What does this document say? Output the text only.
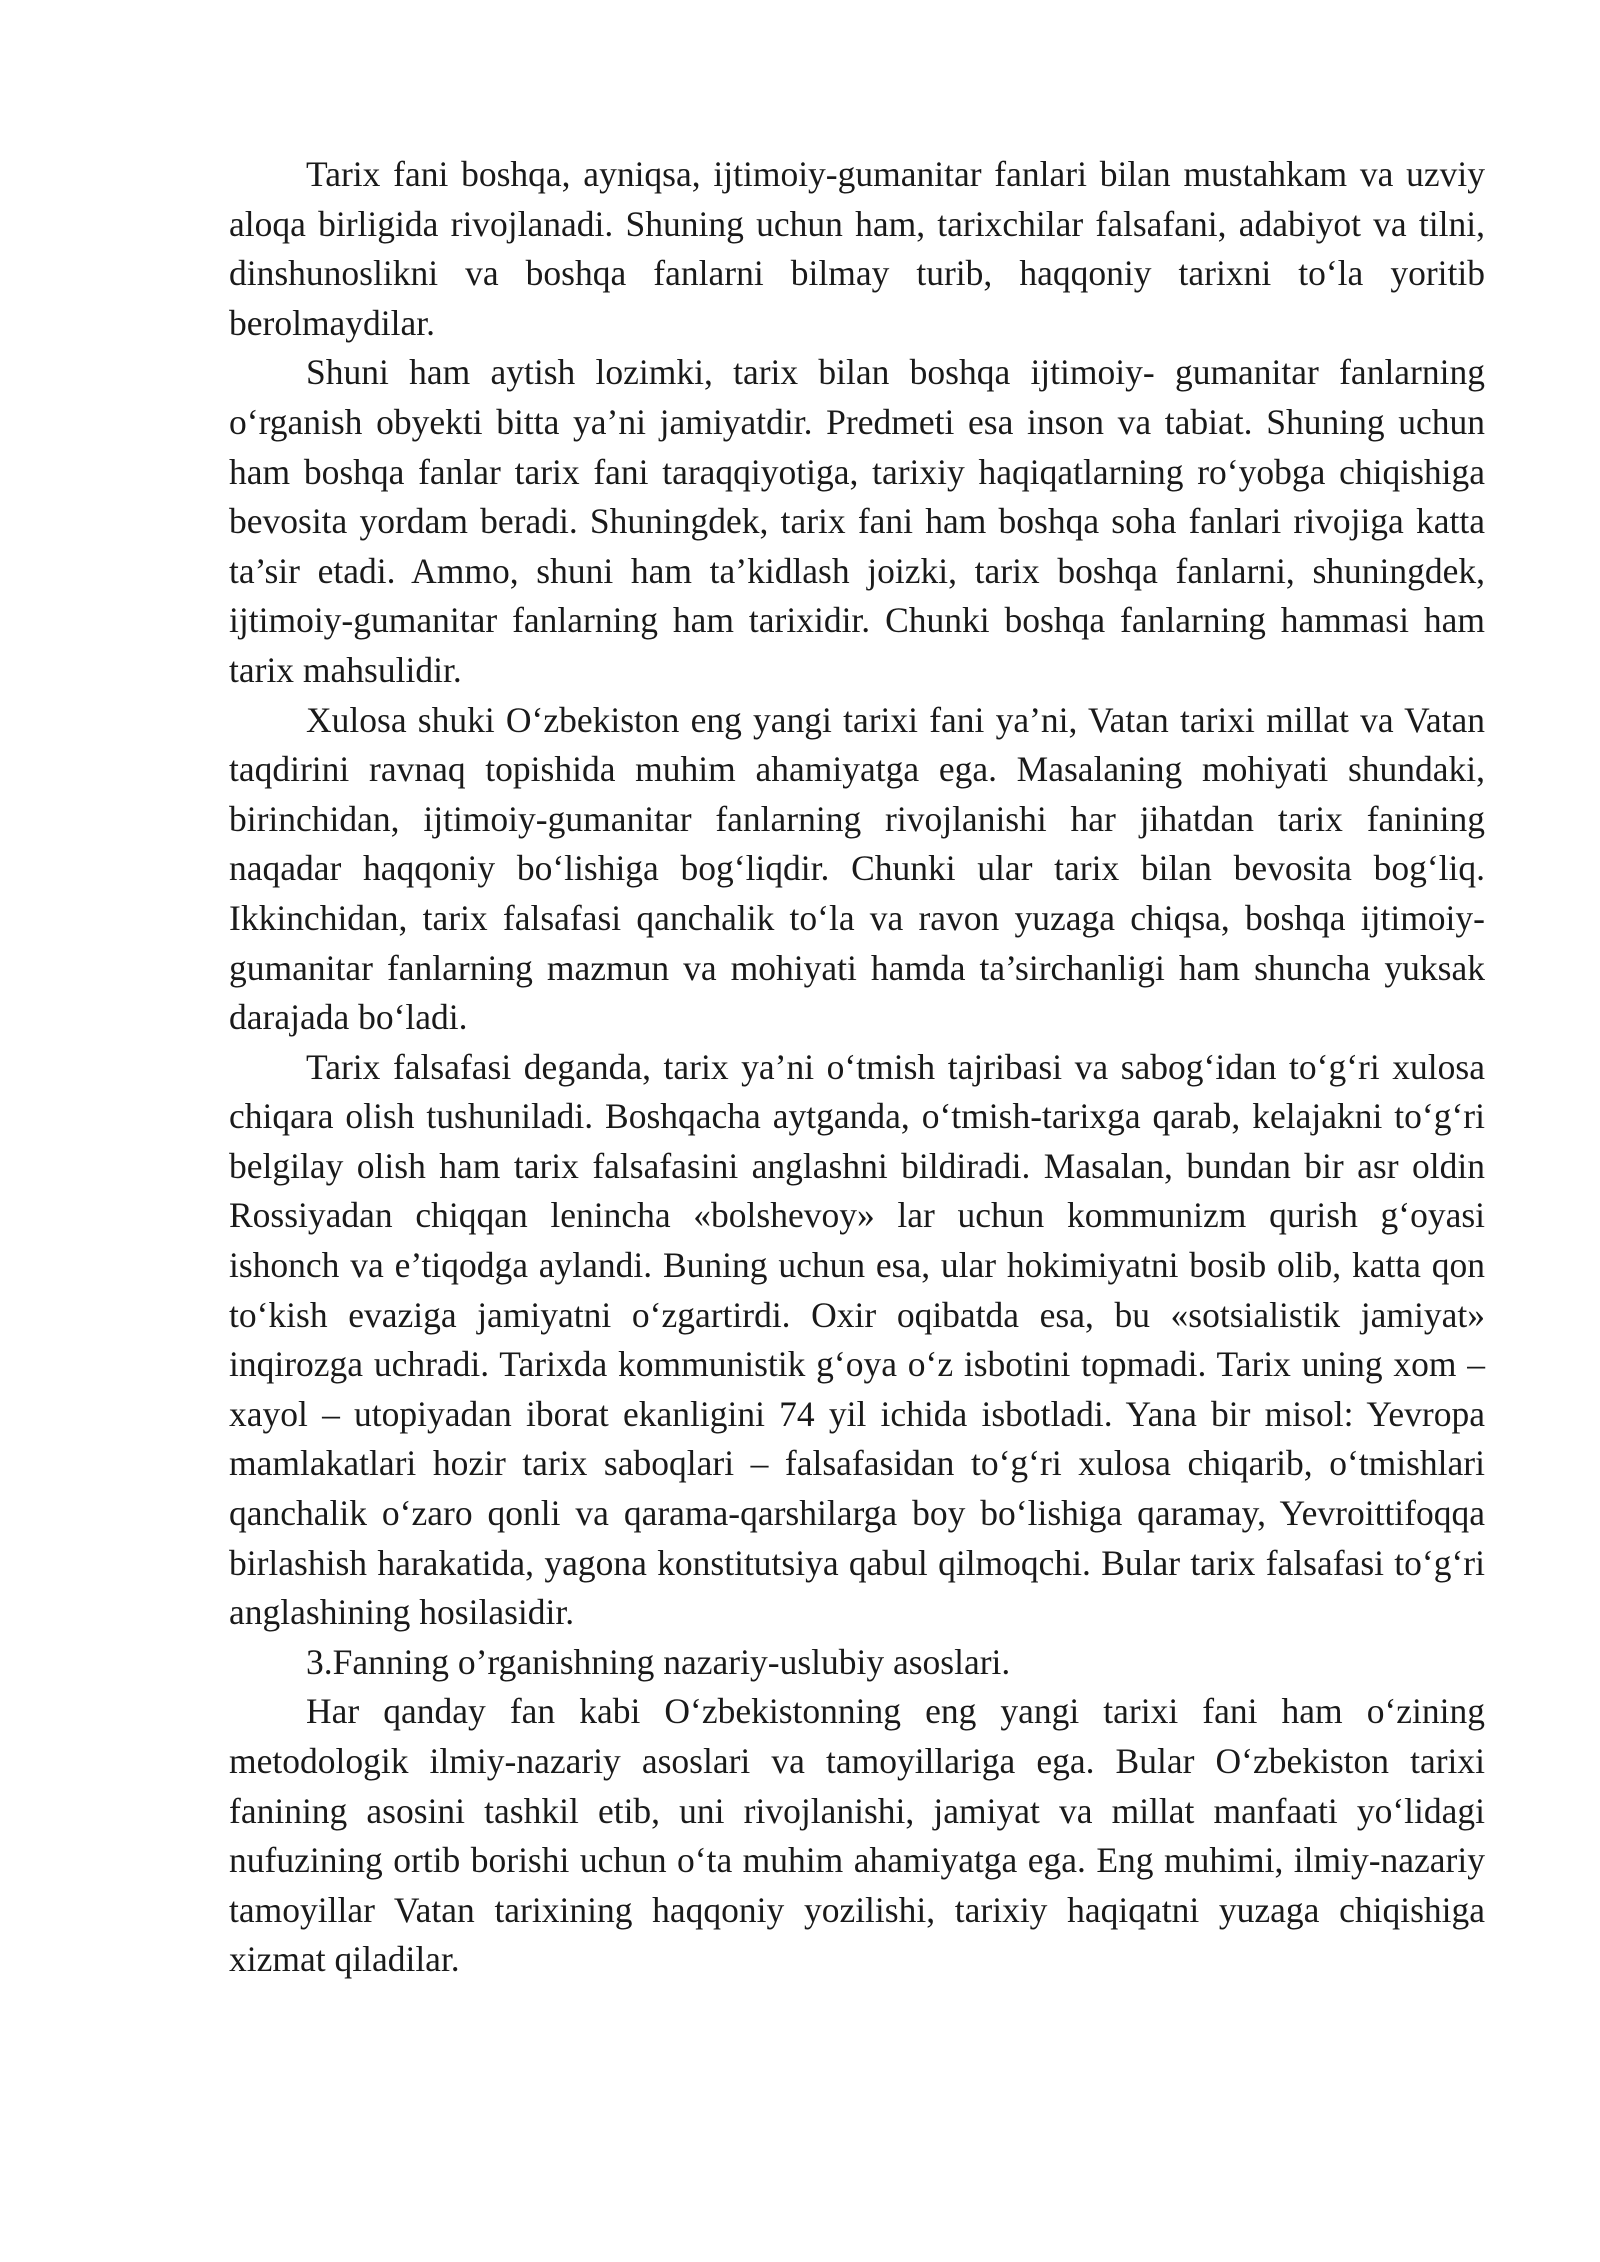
Tarix fani boshqa, ayniqsa, ijtimoiy-gumanitar fanlari bilan mustahkam va uzviy aloqa birligida rivojlanadi. Shuning uchun ham, tarixchilar falsafani, adabiyot va tilni, dinshunoslikni va boshqa fanlarni bilmay turib, haqqoniy tarixni to‘la yoritib berolmaydilar.

Shuni ham aytish lozimki, tarix bilan boshqa ijtimoiy- gumanitar fanlarning o‘rganish obyekti bitta ya’ni jamiyatdir. Predmeti esa inson va tabiat. Shuning uchun ham boshqa fanlar tarix fani taraqqiyotiga, tarixiy haqiqatlarning ro‘yobga chiqishiga bevosita yordam beradi. Shuningdek, tarix fani ham boshqa soha fanlari rivojiga katta ta’sir etadi. Ammo, shuni ham ta’kidlash joizki, tarix boshqa fanlarni, shuningdek, ijtimoiy-gumanitar fanlarning ham tarixidir. Chunki boshqa fanlarning hammasi ham tarix mahsulidir.

Xulosa shuki O‘zbekiston eng yangi tarixi fani ya’ni, Vatan tarixi millat va Vatan taqdirini ravnaq topishida muhim ahamiyatga ega. Masalaning mohiyati shundaki, birinchidan, ijtimoiy-gumanitar fanlarning rivojlanishi har jihatdan tarix fanining naqadar haqqoniy bo‘lishiga bog‘liqdir. Chunki ular tarix bilan bevosita bog‘liq. Ikkinchidan, tarix falsafasi qanchalik to‘la va ravon yuzaga chiqsa, boshqa ijtimoiy-gumanitar fanlarning mazmun va mohiyati hamda ta’sirchanligi ham shuncha yuksak darajada bo‘ladi.

Tarix falsafasi deganda, tarix ya’ni o‘tmish tajribasi va sabog‘idan to‘g‘ri xulosa chiqara olish tushuniladi. Boshqacha aytganda, o‘tmish-tarixga qarab, kelajakni to‘g‘ri belgilay olish ham tarix falsafasini anglashni bildiradi. Masalan, bundan bir asr oldin Rossiyadan chiqqan lenincha «bolshevoy» lar uchun kommunizm qurish g‘oyasi ishonch va e’tiqodga aylandi. Buning uchun esa, ular hokimiyatni bosib olib, katta qon to‘kish evaziga jamiyatni o‘zgartirdi. Oxir oqibatda esa, bu «sotsialistik jamiyat» inqirozga uchradi. Tarixda kommunistik g‘oya o‘z isbotini topmadi. Tarix uning xom – xayol – utopiyadan iborat ekanligini 74 yil ichida isbotladi. Yana bir misol: Yevropa mamlakatlari hozir tarix saboqlari – falsafasidan to‘g‘ri xulosa chiqarib, o‘tmishlari qanchalik o‘zaro qonli va qarama-qarshilarga boy bo‘lishiga qaramay, Yevroittifoqqa birlashish harakatida, yagona konstitutsiya qabul qilmoqchi. Bular tarix falsafasi to‘g‘ri anglashining hosilasidir.

3.Fanning o’rganishning nazariy-uslubiy asoslari.

Har qanday fan kabi O‘zbekistonning eng yangi tarixi fani ham o‘zining metodologik ilmiy-nazariy asoslari va tamoyillariga ega. Bular O‘zbekiston tarixi fanining asosini tashkil etib, uni rivojlanishi, jamiyat va millat manfaati yo‘lidagi nufuzining ortib borishi uchun o‘ta muhim ahamiyatga ega. Eng muhimi, ilmiy-nazariy tamoyillar Vatan tarixining haqqoniy yozilishi, tarixiy haqiqatni yuzaga chiqishiga xizmat qiladilar.
